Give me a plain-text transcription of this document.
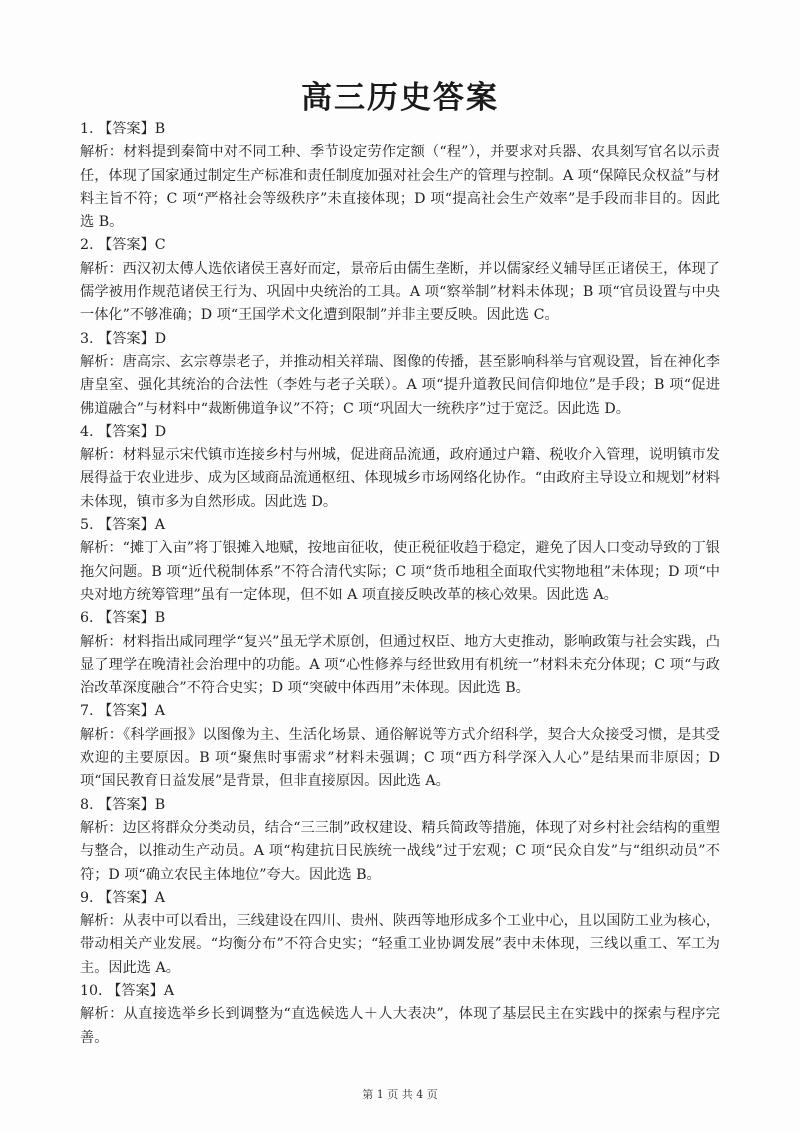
高三历史答案

1. 【答案】B

解析：材料提到秦简中对不同工种、季节设定劳作定额（“程”），并要求对兵器、农具刻写官名以示责任，体现了国家通过制定生产标准和责任制度加强对社会生产的管理与控制。A 项“保障民众权益”与材料主旨不符；C 项“严格社会等级秩序”未直接体现；D 项“提高社会生产效率”是手段而非目的。因此选 B。

2. 【答案】C

解析：西汉初太傅人选依诸侯王喜好而定，景帝后由儒生垄断，并以儒家经义辅导匡正诸侯王，体现了儒学被用作规范诸侯王行为、巩固中央统治的工具。A 项“察举制”材料未体现；B 项“官员设置与中央一体化”不够准确；D 项“王国学术文化遭到限制”并非主要反映。因此选 C。

3. 【答案】D

解析：唐高宗、玄宗尊崇老子，并推动相关祥瑞、图像的传播，甚至影响科举与官观设置，旨在神化李唐皇室、强化其统治的合法性（李姓与老子关联）。A 项“提升道教民间信仰地位”是手段；B 项“促进佛道融合”与材料中“裁断佛道争议”不符；C 项“巩固大一统秩序”过于宽泛。因此选 D。

4. 【答案】D

解析：材料显示宋代镇市连接乡村与州城，促进商品流通，政府通过户籍、税收介入管理，说明镇市发展得益于农业进步、成为区域商品流通枢纽、体现城乡市场网络化协作。“由政府主导设立和规划”材料未体现，镇市多为自然形成。因此选 D。

5. 【答案】A

解析：“摊丁入亩”将丁银摊入地赋，按地亩征收，使正税征收趋于稳定，避免了因人口变动导致的丁银拖欠问题。B 项“近代税制体系”不符合清代实际；C 项“货币地租全面取代实物地租”未体现；D 项“中央对地方统筹管理”虽有一定体现，但不如 A 项直接反映改革的核心效果。因此选 A。

6. 【答案】B

解析：材料指出咸同理学“复兴”虽无学术原创，但通过权臣、地方大吏推动，影响政策与社会实践，凸显了理学在晚清社会治理中的功能。A 项“心性修养与经世致用有机统一”材料未充分体现；C 项“与政治改革深度融合”不符合史实；D 项“突破中体西用”未体现。因此选 B。

7. 【答案】A

解析：《科学画报》以图像为主、生活化场景、通俗解说等方式介绍科学，契合大众接受习惯，是其受欢迎的主要原因。B 项“聚焦时事需求”材料未强调；C 项“西方科学深入人心”是结果而非原因；D 项“国民教育日益发展”是背景，但非直接原因。因此选 A。

8. 【答案】B

解析：边区将群众分类动员，结合“三三制”政权建设、精兵简政等措施，体现了对乡村社会结构的重塑与整合，以推动生产动员。A 项“构建抗日民族统一战线”过于宏观；C 项“民众自发”与“组织动员”不符；D 项“确立农民主体地位”夸大。因此选 B。

9. 【答案】A

解析：从表中可以看出，三线建设在四川、贵州、陕西等地形成多个工业中心，且以国防工业为核心，带动相关产业发展。“均衡分布”不符合史实；“轻重工业协调发展”表中未体现，三线以重工、军工为主。因此选 A。

10. 【答案】A

解析：从直接选举乡长到调整为“直选候选人＋人大表决”，体现了基层民主在实践中的探索与程序完善。

第 1 页 共 4 页
